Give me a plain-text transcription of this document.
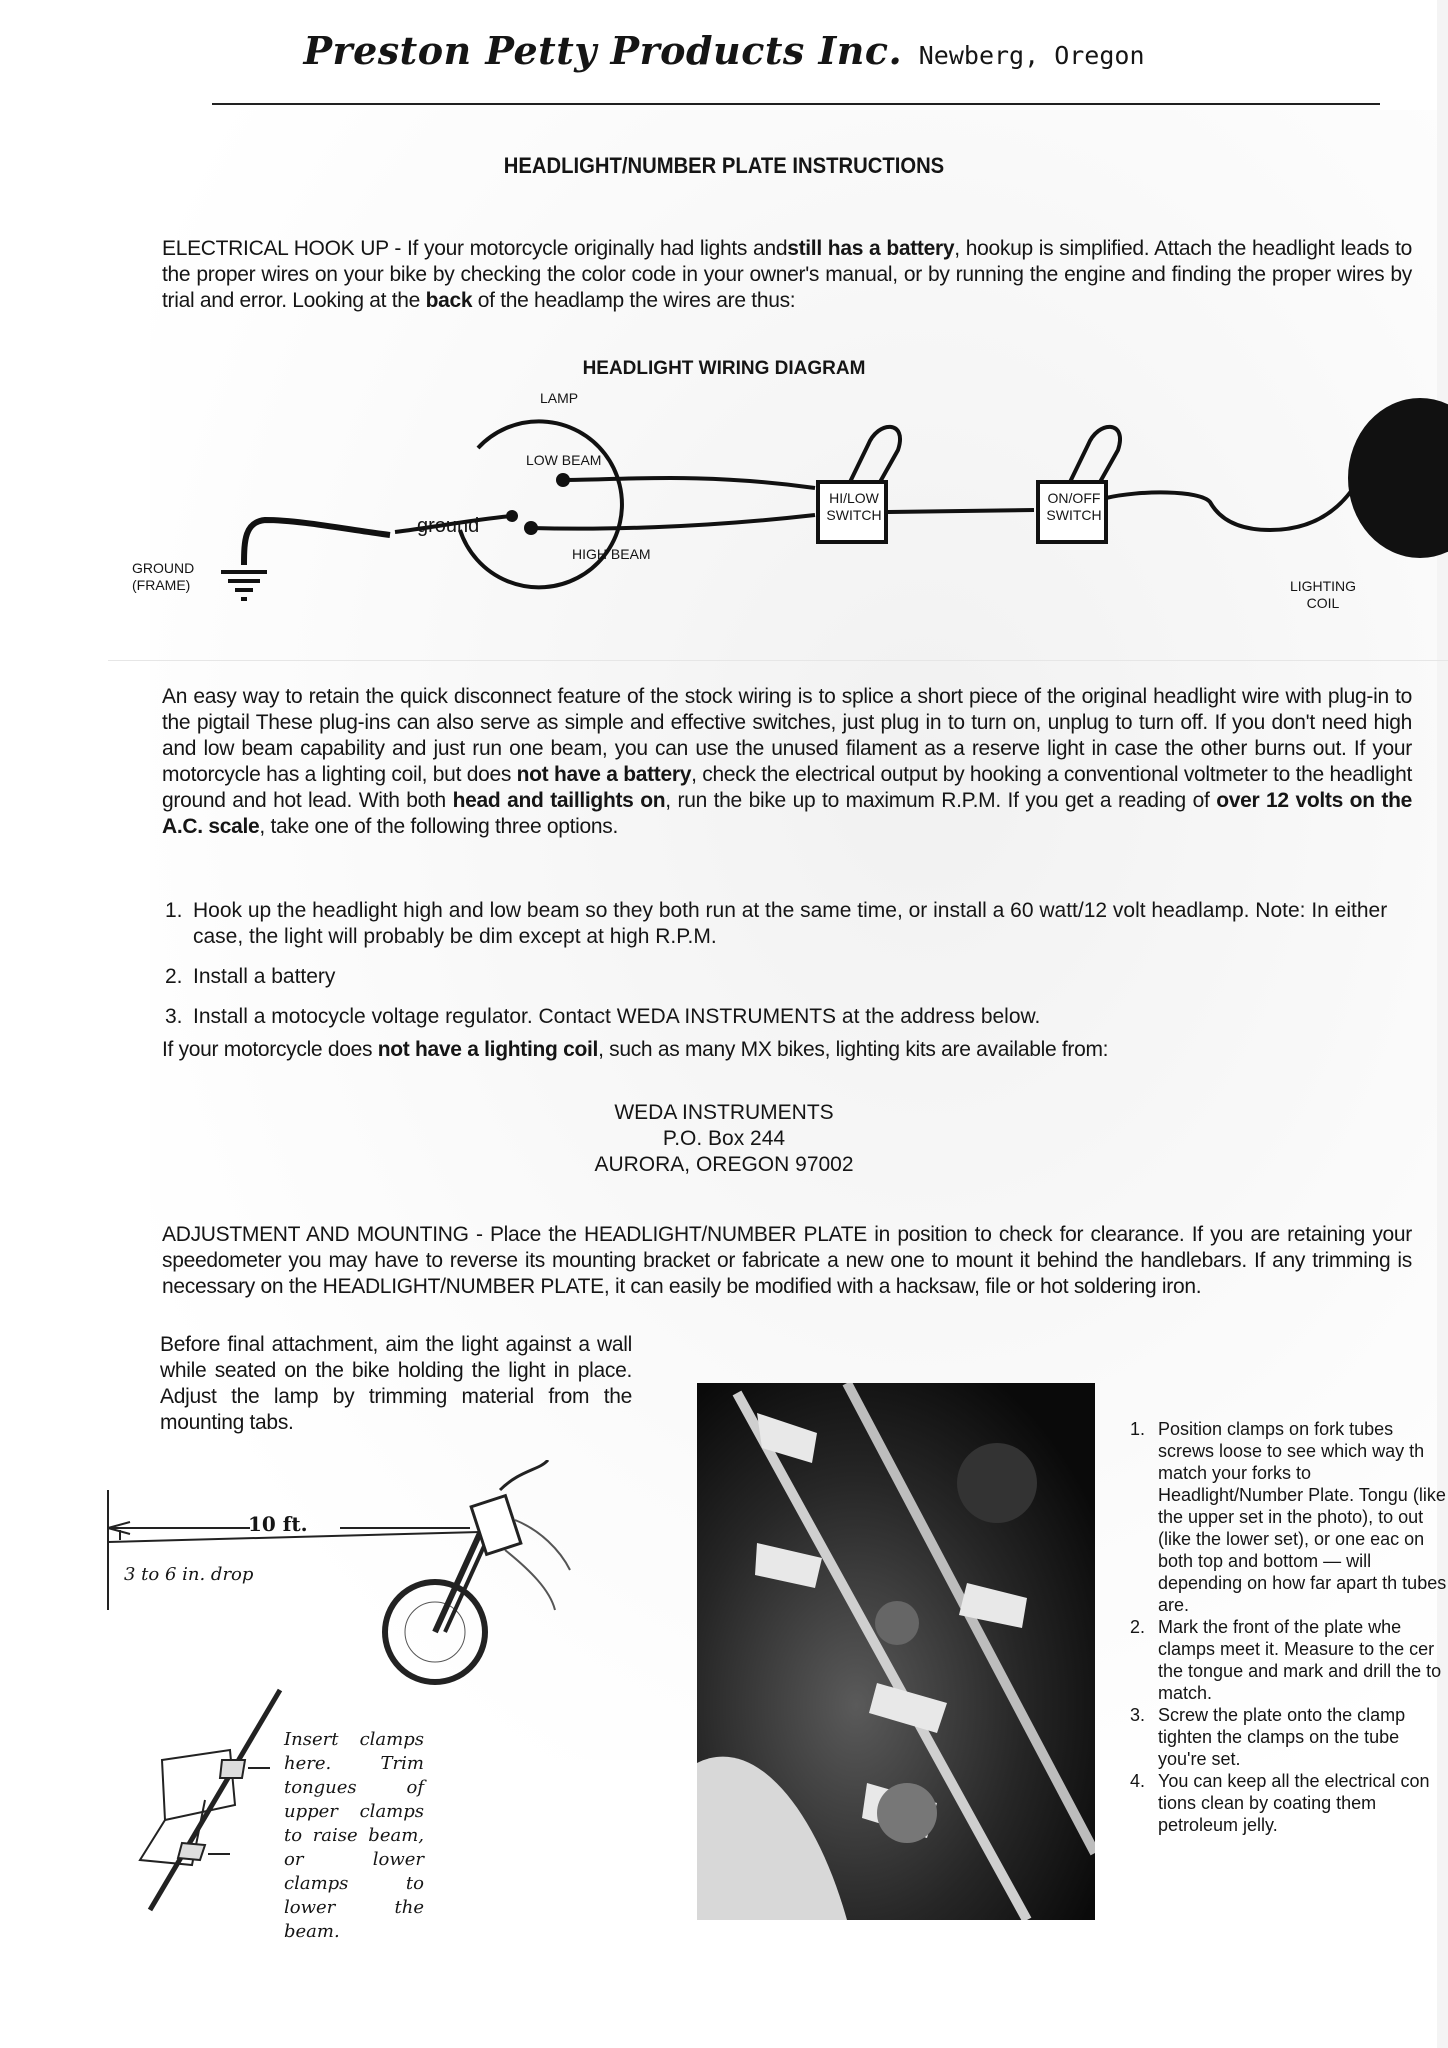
Preston Petty Products Inc. Newberg, Oregon
HEADLIGHT/NUMBER PLATE INSTRUCTIONS
ELECTRICAL HOOK UP - If your motorcycle originally had lights andstill has a battery, hookup is simplified. Attach the headlight leads to the proper wires on your bike by checking the color code in your owner's manual, or by running the engine and finding the proper wires by trial and error. Looking at the back of the headlamp the wires are thus:
HEADLIGHT WIRING DIAGRAM
LAMP
LOW BEAM
HIGH BEAM
ground
GROUND
(FRAME)
HI/LOW
SWITCH
ON/OFF
SWITCH
LIGHTING
COIL
An easy way to retain the quick disconnect feature of the stock wiring is to splice a short piece of the original headlight wire with plug-in to the pigtail These plug-ins can also serve as simple and effective switches, just plug in to turn on, unplug to turn off. If you don't need high and low beam capability and just run one beam, you can use the unused filament as a reserve light in case the other burns out. If your motorcycle has a lighting coil, but does not have a battery, check the electrical output by hooking a conventional voltmeter to the headlight ground and hot lead. With both head and taillights on, run the bike up to maximum R.P.M. If you get a reading of over 12 volts on the A.C. scale, take one of the following three options.
1. Hook up the headlight high and low beam so they both run at the same time, or install a 60 watt/12 volt headlamp. Note: In either case, the light will probably be dim except at high R.P.M.
2. Install a battery
3. Install a motocycle voltage regulator. Contact WEDA INSTRUMENTS at the address below.
If your motorcycle does not have a lighting coil, such as many MX bikes, lighting kits are available from:
WEDA INSTRUMENTS
P.O. Box 244
AURORA, OREGON 97002
ADJUSTMENT AND MOUNTING - Place the HEADLIGHT/NUMBER PLATE in position to check for clearance. If you are retaining your speedometer you may have to reverse its mounting bracket or fabricate a new one to mount it behind the handlebars. If any trimming is necessary on the HEADLIGHT/NUMBER PLATE, it can easily be modified with a hacksaw, file or hot soldering iron.
Before final attachment, aim the light against a wall while seated on the bike holding the light in place. Adjust the lamp by trimming material from the mounting tabs.
10 ft.
3 to 6 in. drop
Insert clamps here. Trim tongues of upper clamps to raise beam, or lower clamps to lower the beam.
1. Position clamps on fork tubes screws loose to see which way th match your forks to Headlight/Number Plate. Tongu (like the upper set in the photo), to out (like the lower set), or one eac on both top and bottom — will depending on how far apart th tubes are.
2. Mark the front of the plate whe clamps meet it. Measure to the cer the tongue and mark and drill the to match.
3. Screw the plate onto the clamp tighten the clamps on the tube you're set.
4. You can keep all the electrical con tions clean by coating them petroleum jelly.
